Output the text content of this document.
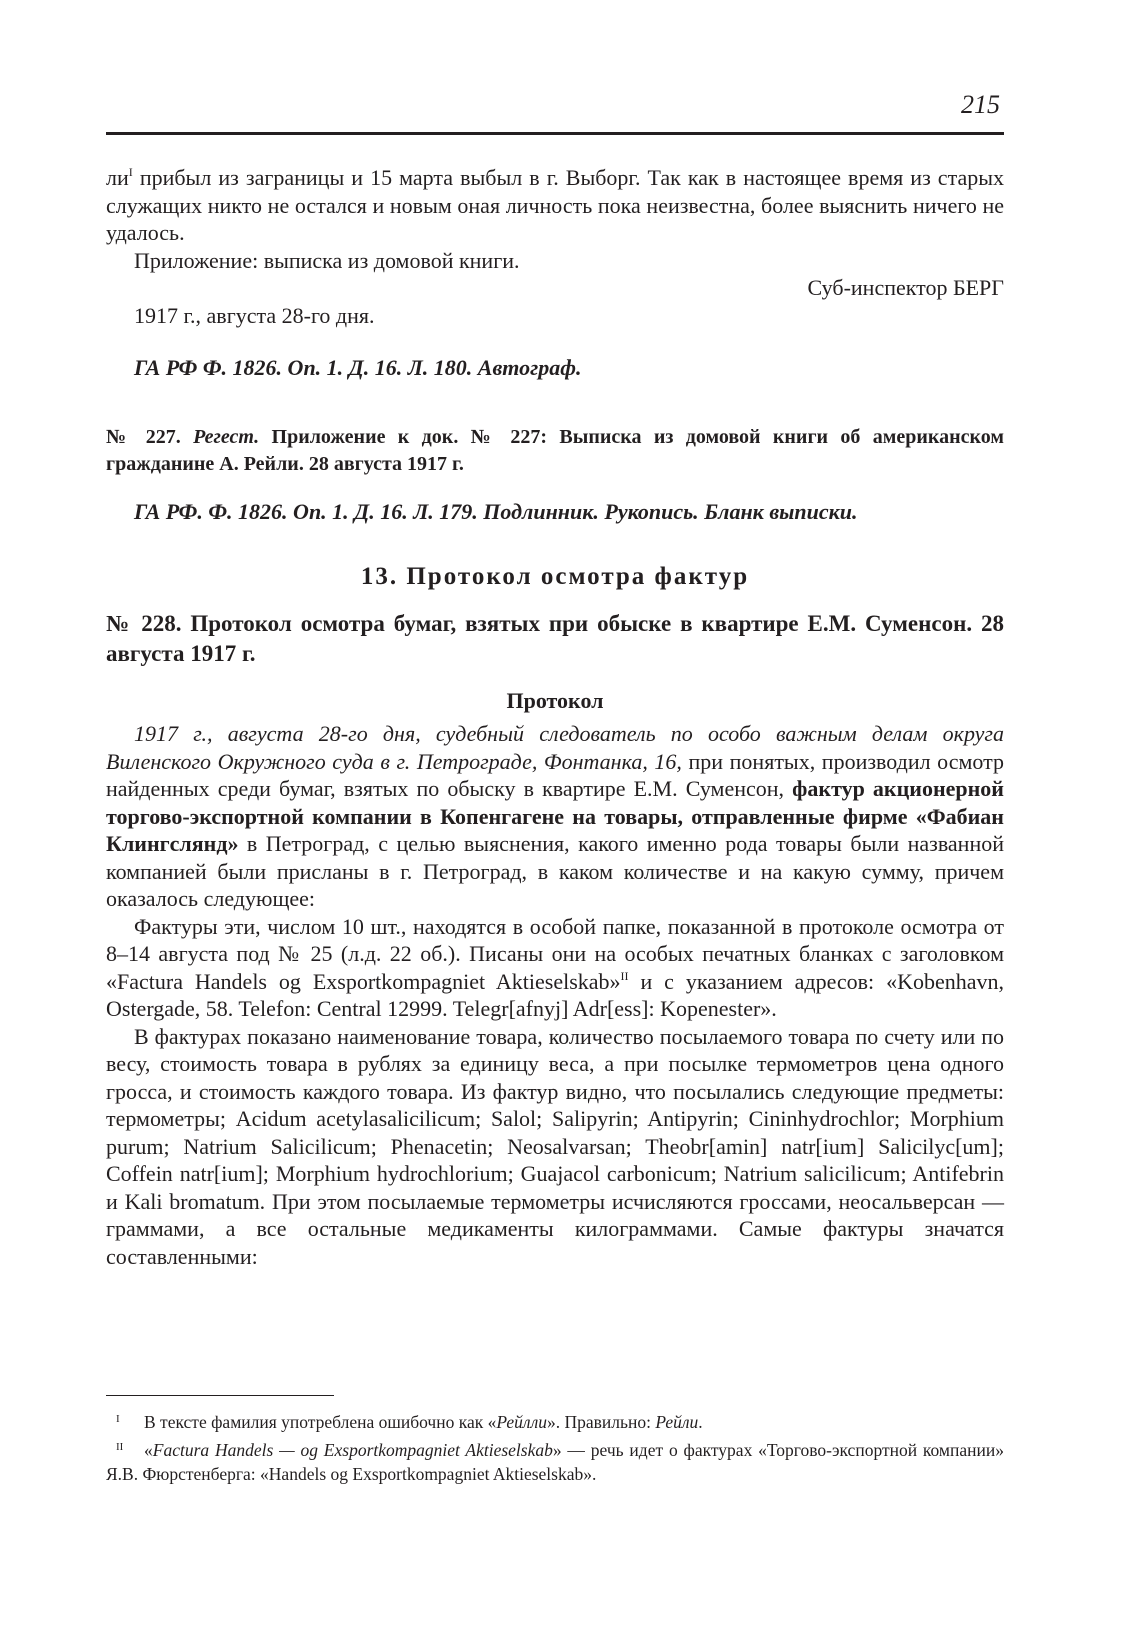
215

$ли^I$ прибыл из заграницы и 15 марта выбыл в г. Выборг. Так как в настоящее время из старых служащих никто не остался и новым оная личность пока неизвестна, более выяснить ничего не удалось.

Приложение: выписка из домовой книги.

Суб-инспектор БЕРГ

1917 г., августа 28-го дня.

ГА РФ Ф. 1826. Оп. 1. Д. 16. Л. 180. Автограф.

№ 227. Регест. Приложение к док. № 227: Выписка из домовой книги об американском гражданине А. Рейли. 28 августа 1917 г.

ГА РФ. Ф. 1826. Оп. 1. Д. 16. Л. 179. Подлинник. Рукопись. Бланк выписки.

13. Протокол осмотра фактур

№ 228. Протокол осмотра бумаг, взятых при обыске в квартире Е.М. Суменсон. 28 августа 1917 г.

Протокол

1917 г., августа 28-го дня, судебный следователь по особо важным делам округа Виленского Окружного суда в г. Петрограде, Фонтанка, 16, при понятых, производил осмотр найденных среди бумаг, взятых по обыску в квартире Е.М. Суменсон, фактур акционерной торгово-экспортной компании в Копенгагене на товары, отправленные фирме «Фабиан Клингслянд» в Петроград, с целью выяснения, какого именно рода товары были названной компанией были присланы в г. Петроград, в каком количестве и на какую сумму, причем оказалось следующее:

Фактуры эти, числом 10 шт., находятся в особой папке, показанной в протоколе осмотра от 8–14 августа под № 25 (л.д. 22 об.). Писаны они на особых печатных бланках с заголовком «Factura Handels og Exsportkompagniet Aktieselskab»$^{II}$ и с указанием адресов: «Kobenhavn, Ostergade, 58. Telefon: Central 12999. Telegr[afnyj] Adr[ess]: Kopenester».

В фактурах показано наименование товара, количество посылаемого товара по счету или по весу, стоимость товара в рублях за единицу веса, а при посылке термометров цена одного гросса, и стоимость каждого товара. Из фактур видно, что посылались следующие предметы: термометры; Acidum acetylasalicilicum; Salol; Salipyrin; Antipyrin; Cininhydrochlor; Morphium purum; Natrium Salicilicum; Phenacetin; Neosalvarsan; Theobr[amin] natr[ium] Salicilyc[um]; Coffein natr[ium]; Morphium hydrochlorium; Guajacol carbonicum; Natrium salicilicum; Antifebrin и Kali bromatum. При этом посылаемые термометры исчисляются гроссами, неосальверсан — граммами, а все остальные медикаменты килограммами. Самые фактуры значатся составленными:

I В тексте фамилия употреблена ошибочно как «Рейлли». Правильно: Рейли.

II «Factura Handels — og Exsportkompagniet Aktieselskab» — речь идет о фактурах «Торгово-экспортной компании» Я.В. Фюрстенберга: «Handels og Exsportkompagniet Aktieselskab».
